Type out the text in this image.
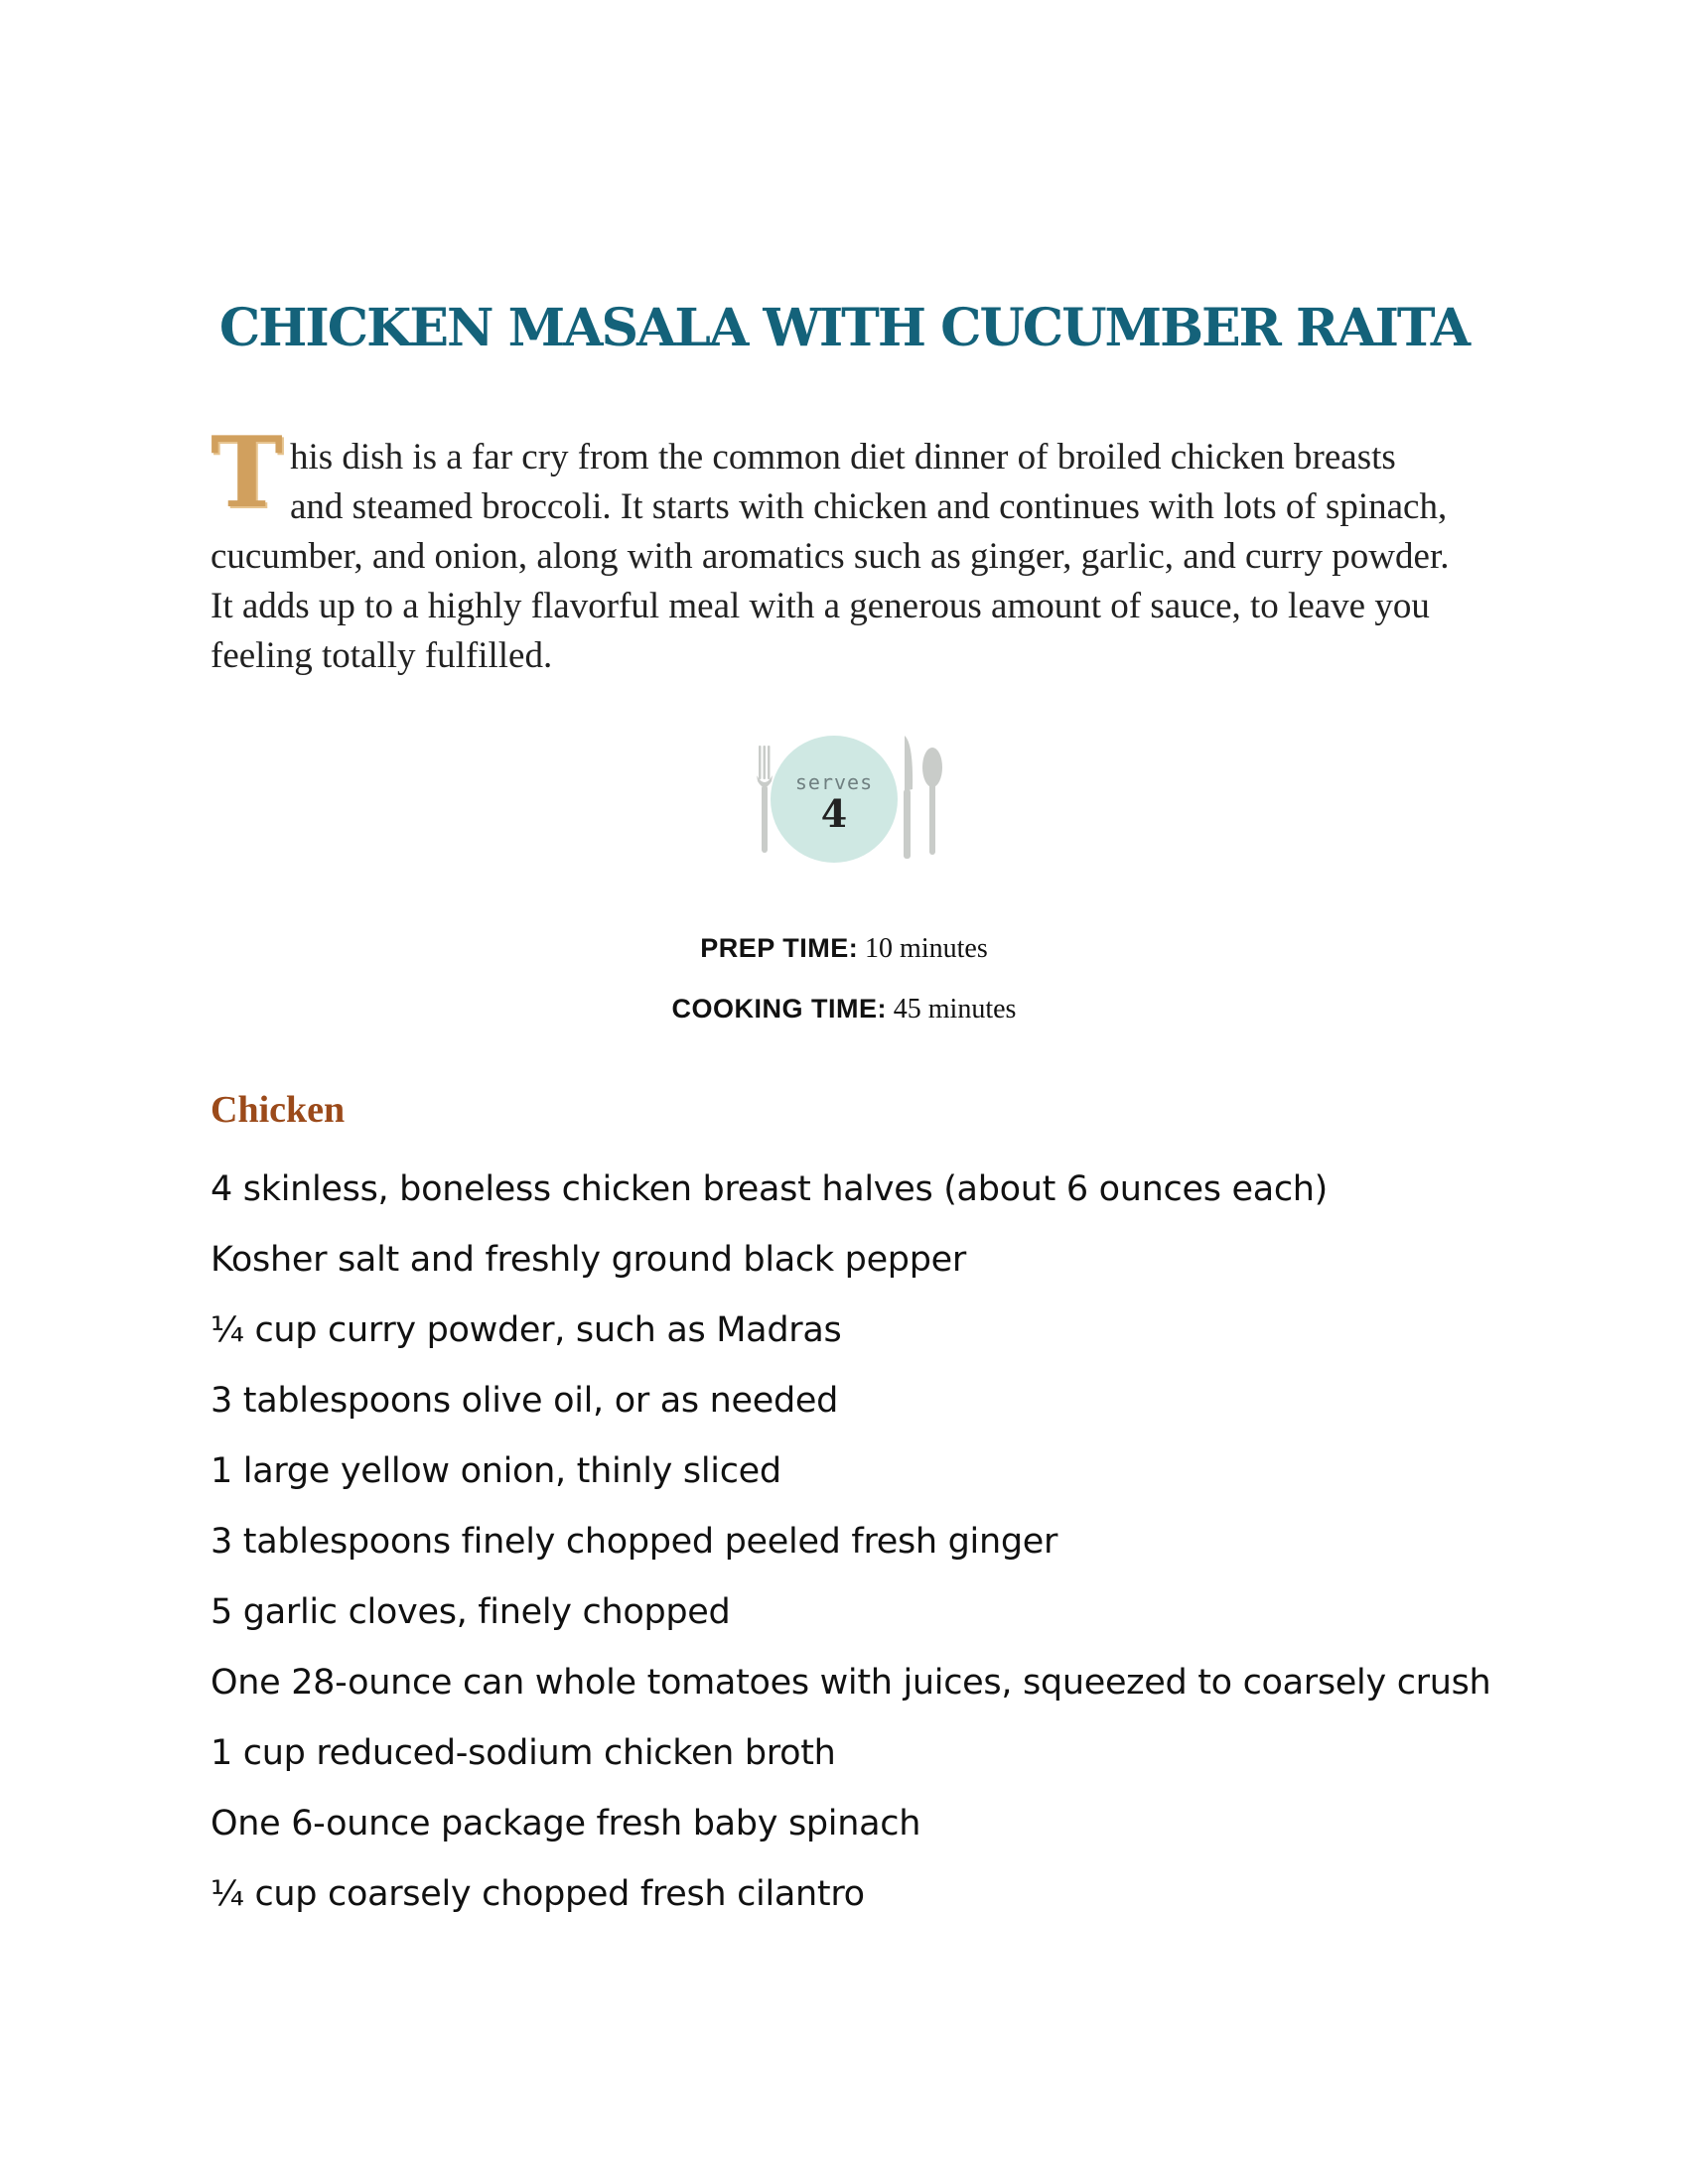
CHICKEN MASALA WITH CUCUMBER RAITA

T his dish is a far cry from the common diet dinner of broiled chicken breasts and steamed broccoli. It starts with chicken and continues with lots of spinach, cucumber, and onion, along with aromatics such as ginger, garlic, and curry powder. It adds up to a highly flavorful meal with a generous amount of sauce, to leave you feeling totally fulfilled.

serves
4
PREP TIME: 10 minutes
COOKING TIME: 45 minutes
Chicken
4 skinless, boneless chicken breast halves (about 6 ounces each)
Kosher salt and freshly ground black pepper
¼ cup curry powder, such as Madras
3 tablespoons olive oil, or as needed
1 large yellow onion, thinly sliced
3 tablespoons finely chopped peeled fresh ginger
5 garlic cloves, finely chopped
One 28-ounce can whole tomatoes with juices, squeezed to coarsely crush
1 cup reduced-sodium chicken broth
One 6-ounce package fresh baby spinach
¼ cup coarsely chopped fresh cilantro
